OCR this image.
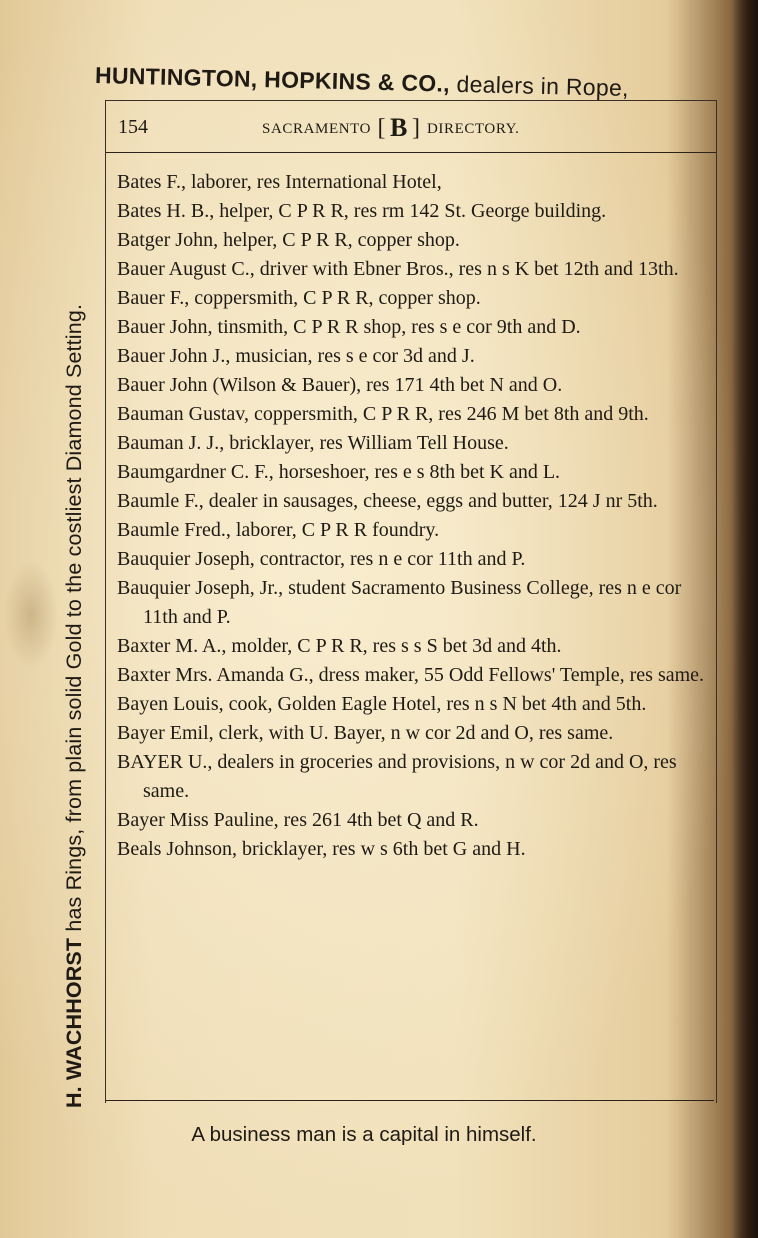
HUNTINGTON, HOPKINS & CO., dealers in Rope,
H. WACHHORST has Rings, from plain solid Gold to the costliest Diamond Setting.
154	SACRAMENTO [ B ] DIRECTORY.

Bates F., laborer, res International Hotel,

Bates H. B., helper, C P R R, res rm 142 St. George building.

Batger John, helper, C P R R, copper shop.

Bauer August C., driver with Ebner Bros., res n s K bet 12th and 13th.

Bauer F., coppersmith, C P R R, copper shop.

Bauer John, tinsmith, C P R R shop, res s e cor 9th and D.

Bauer John J., musician, res s e cor 3d and J.

Bauer John (Wilson & Bauer), res 171 4th bet N and O.

Bauman Gustav, coppersmith, C P R R, res 246 M bet 8th and 9th.

Bauman J. J., bricklayer, res William Tell House.

Baumgardner C. F., horseshoer, res e s 8th bet K and L.

Baumle F., dealer in sausages, cheese, eggs and butter, 124 J nr 5th.

Baumle Fred., laborer, C P R R foundry.

Bauquier Joseph, contractor, res n e cor 11th and P.

Bauquier Joseph, Jr., student Sacramento Business College, res n e cor 11th and P.

Baxter M. A., molder, C P R R, res s s S bet 3d and 4th.

Baxter Mrs. Amanda G., dress maker, 55 Odd Fellows' Temple, res same.

Bayen Louis, cook, Golden Eagle Hotel, res n s N bet 4th and 5th.

Bayer Emil, clerk, with U. Bayer, n w cor 2d and O, res same.

BAYER U., dealers in groceries and provisions, n w cor 2d and O, res same.

Bayer Miss Pauline, res 261 4th bet Q and R.

Beals Johnson, bricklayer, res w s 6th bet G and H.

A business man is a capital in himself.
